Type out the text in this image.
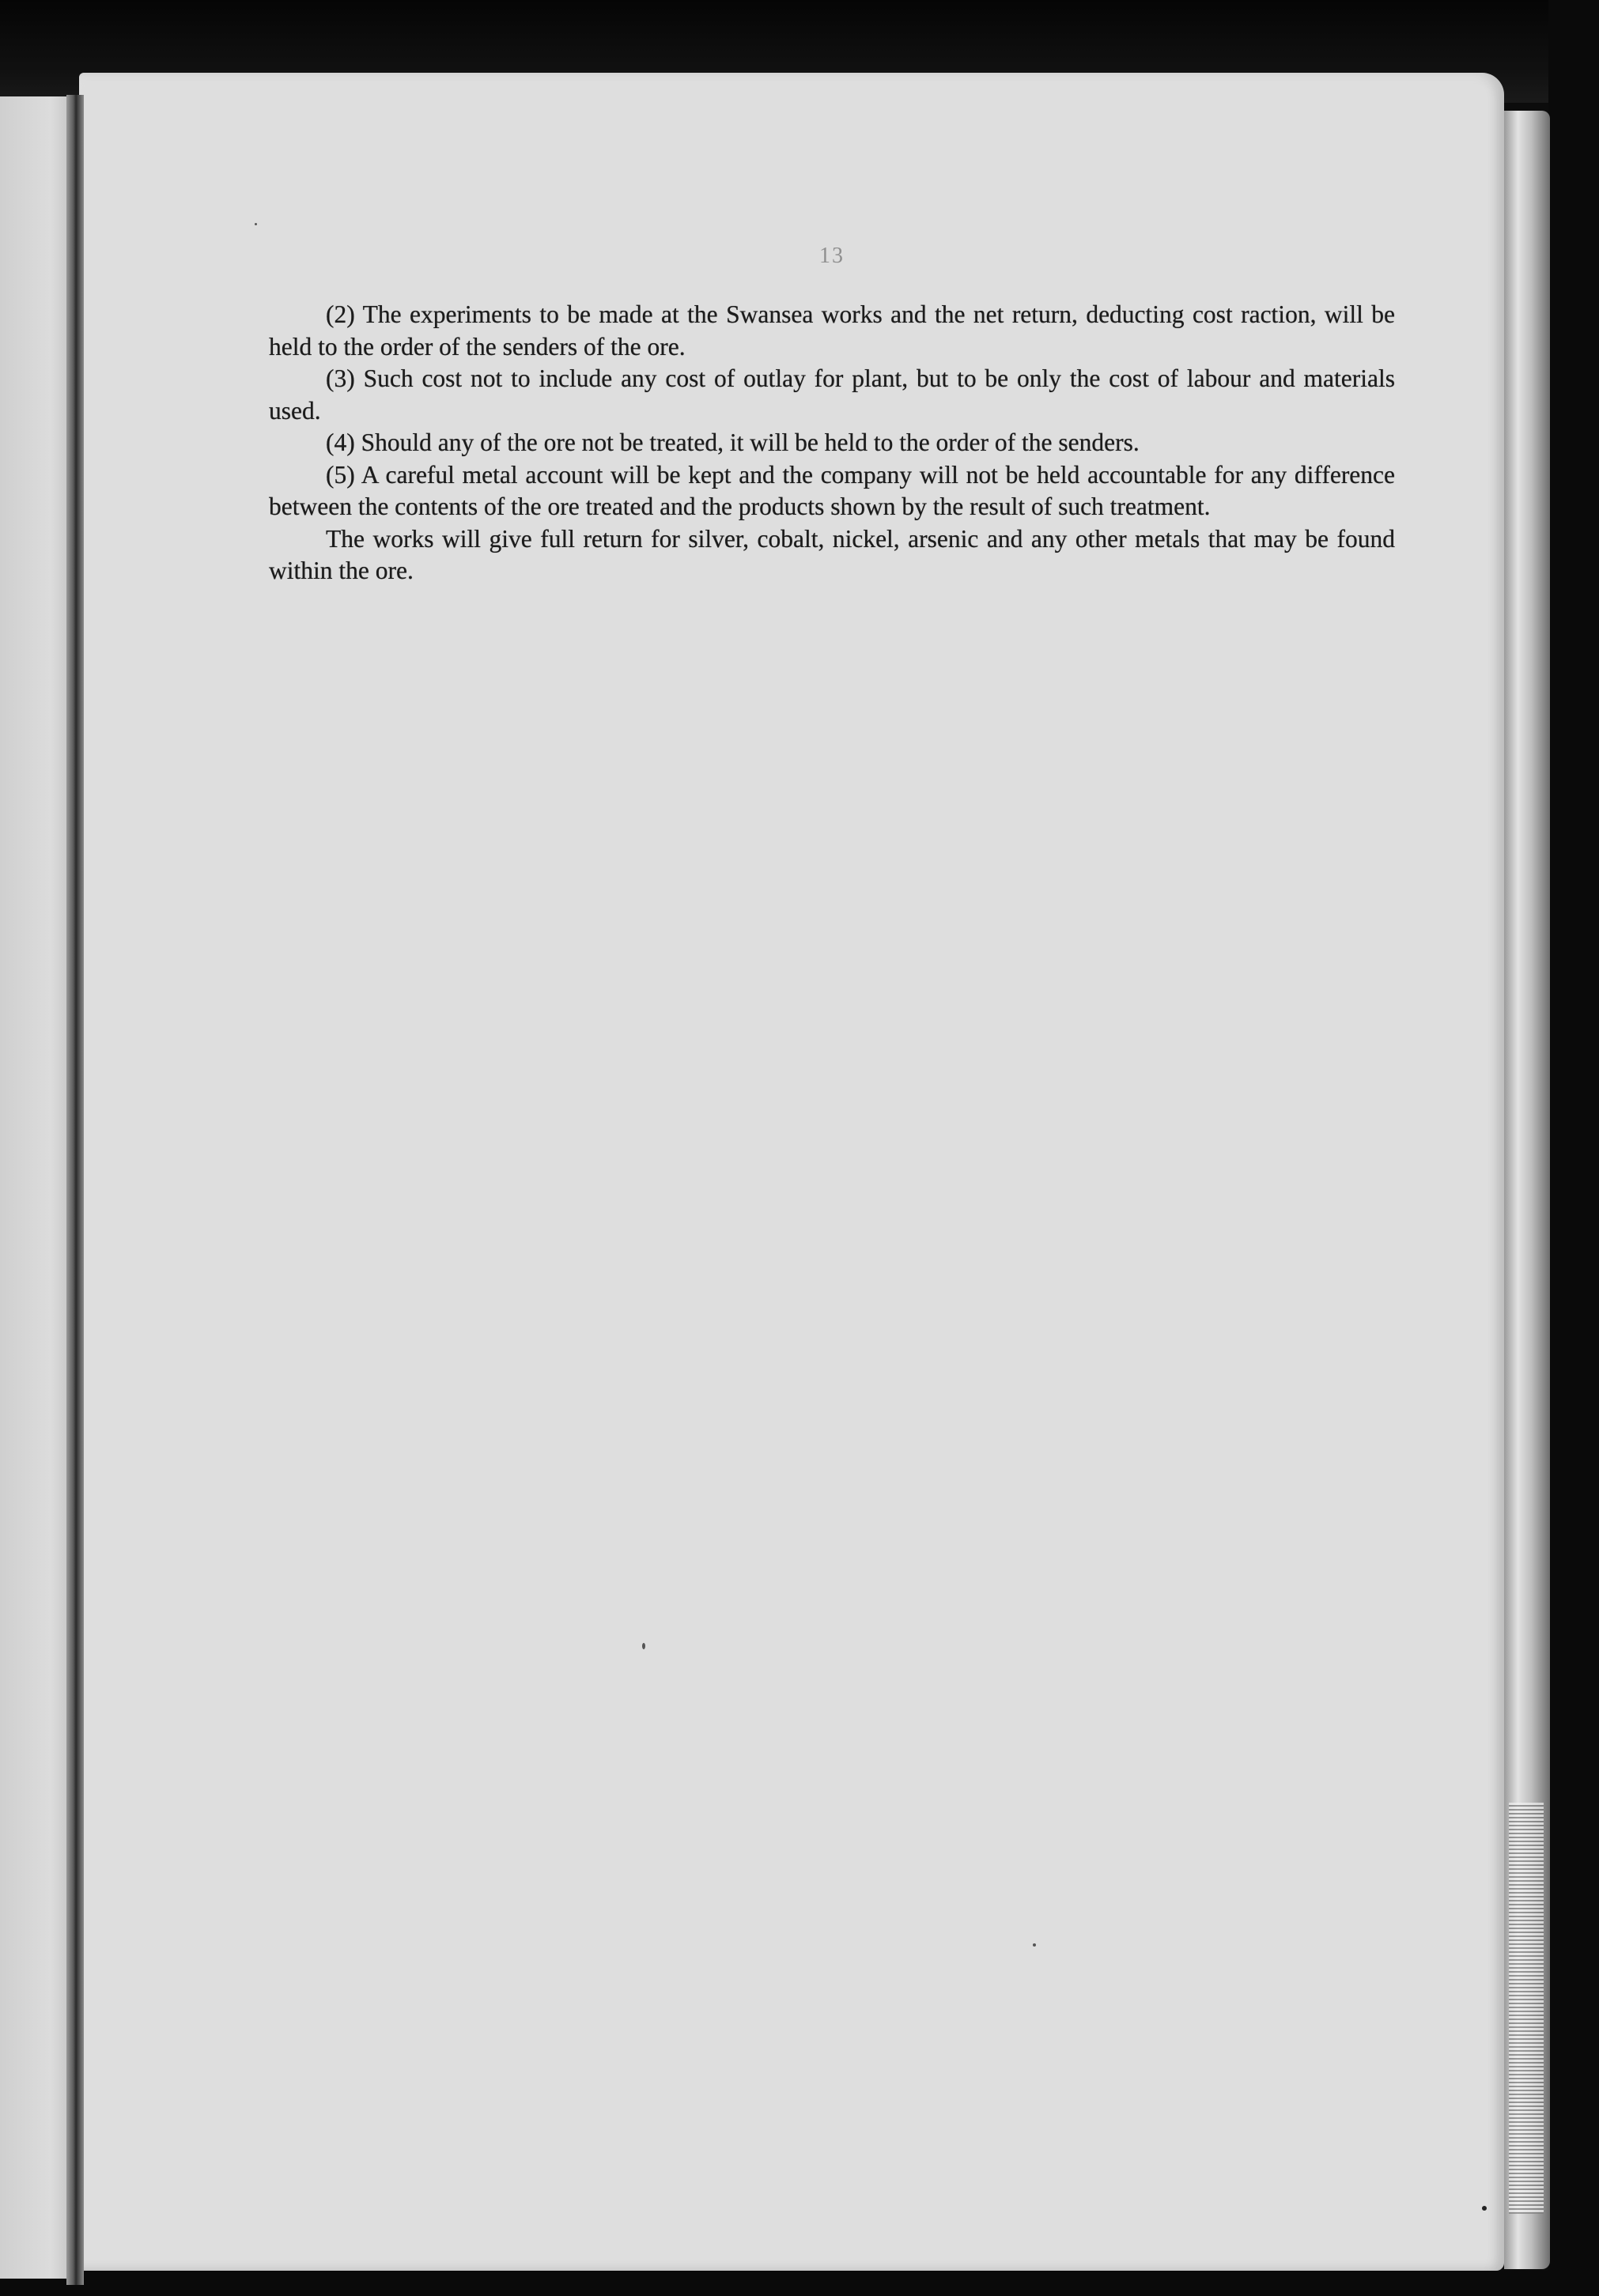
13

(2) The experiments to be made at the Swansea works and the net return, deducting cost raction, will be held to the order of the senders of the ore.

(3) Such cost not to include any cost of outlay for plant, but to be only the cost of labour and materials used.

(4) Should any of the ore not be treated, it will be held to the order of the senders.

(5) A careful metal account will be kept and the company will not be held accountable for any difference between the contents of the ore treated and the products shown by the result of such treatment.

The works will give full return for silver, cobalt, nickel, arsenic and any other metals that may be found within the ore.
